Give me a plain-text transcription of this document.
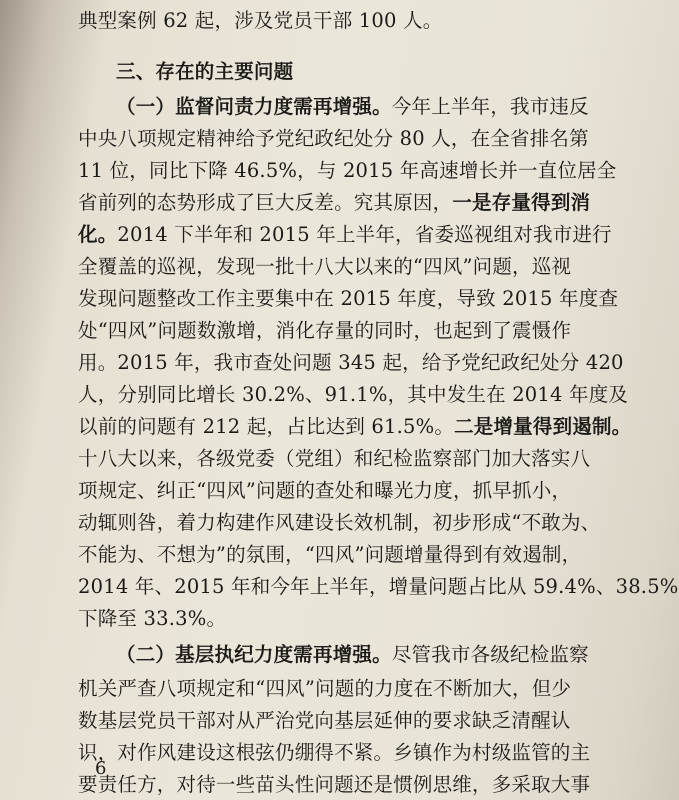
典型案例 62 起，涉及党员干部 100 人。
三、存在的主要问题
（一）监督问责力度需再增强。今年上半年，我市违反
中央八项规定精神给予党纪政纪处分 80 人，在全省排名第
11 位，同比下降 46.5%，与 2015 年高速增长并一直位居全
省前列的态势形成了巨大反差。究其原因，一是存量得到消
化。2014 下半年和 2015 年上半年，省委巡视组对我市进行
全覆盖的巡视，发现一批十八大以来的“四风”问题，巡视
发现问题整改工作主要集中在 2015 年度，导致 2015 年度查
处“四风”问题数激增，消化存量的同时，也起到了震慑作
用。2015 年，我市查处问题 345 起，给予党纪政纪处分 420
人，分别同比增长 30.2%、91.1%，其中发生在 2014 年度及
以前的问题有 212 起，占比达到 61.5%。二是增量得到遏制。
十八大以来，各级党委（党组）和纪检监察部门加大落实八
项规定、纠正“四风”问题的查处和曝光力度，抓早抓小，
动辄则咎，着力构建作风建设长效机制，初步形成“不敢为、
不能为、不想为”的氛围，“四风”问题增量得到有效遏制，
2014 年、2015 年和今年上半年，增量问题占比从 59.4%、38.5%
下降至 33.3%。
（二）基层执纪力度需再增强。尽管我市各级纪检监察
机关严查八项规定和“四风”问题的力度在不断加大，但少
数基层党员干部对从严治党向基层延伸的要求缺乏清醒认
识，对作风建设这根弦仍绷得不紧。乡镇作为村级监管的主
要责任方，对待一些苗头性问题还是惯例思维，多采取大事
6
